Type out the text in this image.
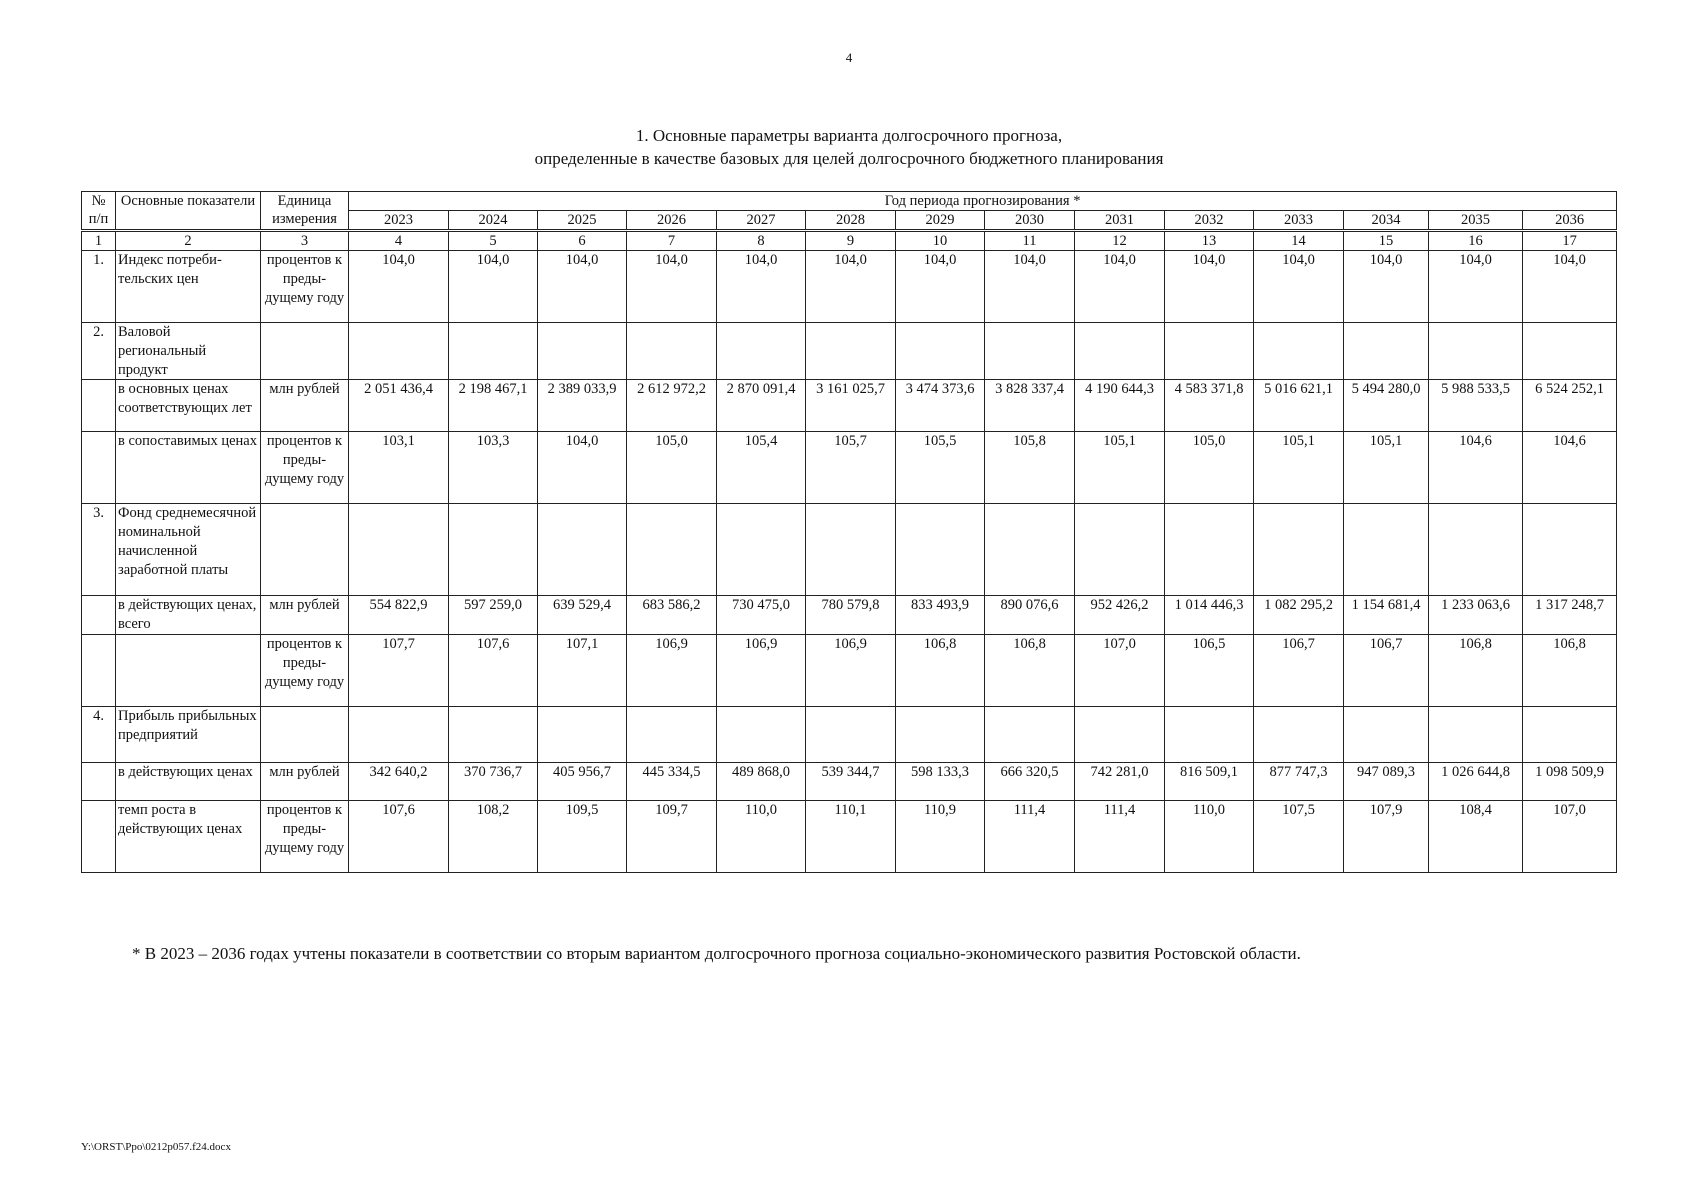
4
1. Основные параметры варианта долгосрочного прогноза,
определенные в качестве базовых для целей долгосрочного бюджетного планирования
№ п/п	Основные показатели	Единица измерения	Год периода прогнозирования *													
			2023	2024	2025	2026	2027	2028	2029	2030	2031	2032	2033	2034	2035	2036
1	2	3	4	5	6	7	8	9	10	11	12	13	14	15	16	17
1.	Индекс потреби-тельских цен	процентов к преды-дущему году	104,0	104,0	104,0	104,0	104,0	104,0	104,0	104,0	104,0	104,0	104,0	104,0	104,0	104,0
2.	Валовой региональный продукт															
	в основных ценах соответствующих лет	млн рублей	2 051 436,4	2 198 467,1	2 389 033,9	2 612 972,2	2 870 091,4	3 161 025,7	3 474 373,6	3 828 337,4	4 190 644,3	4 583 371,8	5 016 621,1	5 494 280,0	5 988 533,5	6 524 252,1
	в сопоставимых ценах	процентов к преды-дущему году	103,1	103,3	104,0	105,0	105,4	105,7	105,5	105,8	105,1	105,0	105,1	105,1	104,6	104,6
3.	Фонд среднемесячной номинальной начисленной заработной платы															
	в действующих ценах, всего	млн рублей	554 822,9	597 259,0	639 529,4	683 586,2	730 475,0	780 579,8	833 493,9	890 076,6	952 426,2	1 014 446,3	1 082 295,2	1 154 681,4	1 233 063,6	1 317 248,7
		процентов к преды-дущему году	107,7	107,6	107,1	106,9	106,9	106,9	106,8	106,8	107,0	106,5	106,7	106,7	106,8	106,8
4.	Прибыль прибыльных предприятий															
	в действующих ценах	млн рублей	342 640,2	370 736,7	405 956,7	445 334,5	489 868,0	539 344,7	598 133,3	666 320,5	742 281,0	816 509,1	877 747,3	947 089,3	1 026 644,8	1 098 509,9
	темп роста в действующих ценах	процентов к преды-дущему году	107,6	108,2	109,5	109,7	110,0	110,1	110,9	111,4	111,4	110,0	107,5	107,9	108,4	107,0
* В 2023 – 2036 годах учтены показатели в соответствии со вторым вариантом долгосрочного прогноза социально-экономического развития Ростовской области.
Y:\ORST\Ppo\0212p057.f24.docx
